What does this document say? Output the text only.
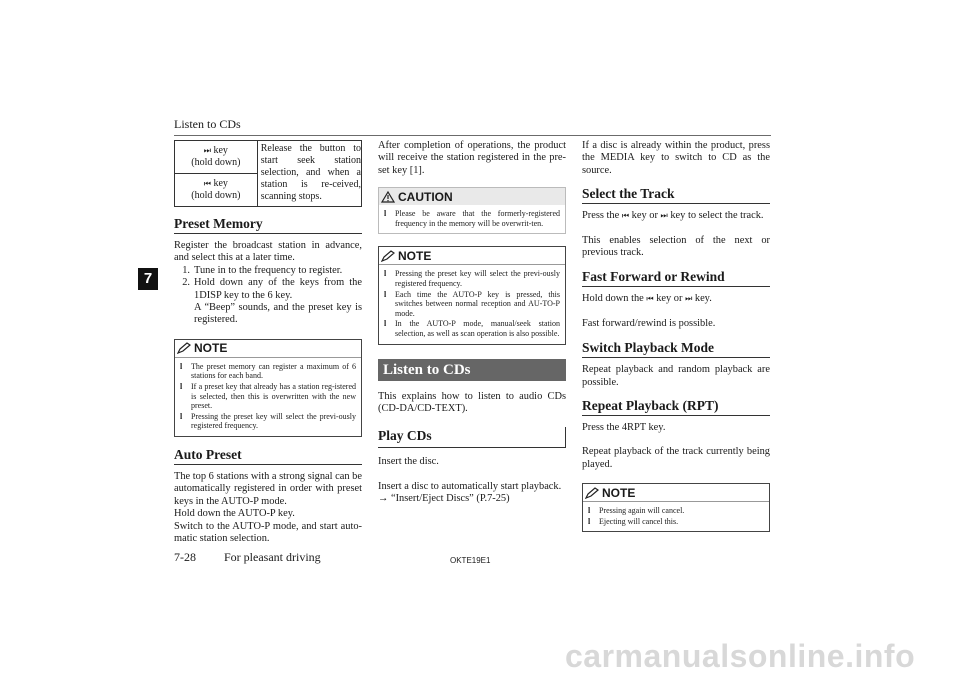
Listen to CDs
7
⏭ key
(hold down)	Release the button to start seek station selection, and when a station is re-ceived, scanning stops.
⏮ key
(hold down)
Preset Memory

Register the broadcast station in advance, and select this at a later time.

1. Tune in to the frequency to register.
2. Hold down any of the keys from the 1DISP key to the 6 key.
A “Beep” sounds, and the preset key is registered.
NOTE
l	The preset memory can register a maximum of 6 stations for each band.
l	If a preset key that already has a station reg-istered is selected, then this is overwritten with the new preset.
l	Pressing the preset key will select the previ-ously registered frequency.
Auto Preset

The top 6 stations with a strong signal can be automatically registered in order with preset keys in the AUTO-P mode.

Hold down the AUTO-P key.

Switch to the AUTO-P mode, and start auto-matic station selection.

After completion of operations, the product will receive the station registered in the pre-set key [1].
CAUTION
l	Please be aware that the formerly-registered frequency in the memory will be overwrit-ten.
NOTE
l	Pressing the preset key will select the previ-ously registered frequency.
l	Each time the AUTO-P key is pressed, this switches between normal reception and AU-TO-P mode.
l	In the AUTO-P mode, manual/seek station selection, as well as scan operation is also possible.
Listen to CDs
This explains how to listen to audio CDs (CD-DA/CD-TEXT).
Play CDs

Insert the disc.

Insert a disc to automatically start playback.

→ “Insert/Eject Discs” (P.7-25)

If a disc is already within the product, press the MEDIA key to switch to CD as the source.
Select the Track

Press the ⏮ key or ⏭ key to select the track.

This enables selection of the next or previous track.

Fast Forward or Rewind

Hold down the ⏮ key or ⏭ key.

Fast forward/rewind is possible.

Switch Playback Mode
Repeat playback and random playback are possible.
Repeat Playback (RPT)

Press the 4RPT key.

Repeat playback of the track currently being played.

NOTE
l	Pressing again will cancel.
l	Ejecting will cancel this.
7-28 For pleasant driving	OKTE19E1
carmanualsonline.info
